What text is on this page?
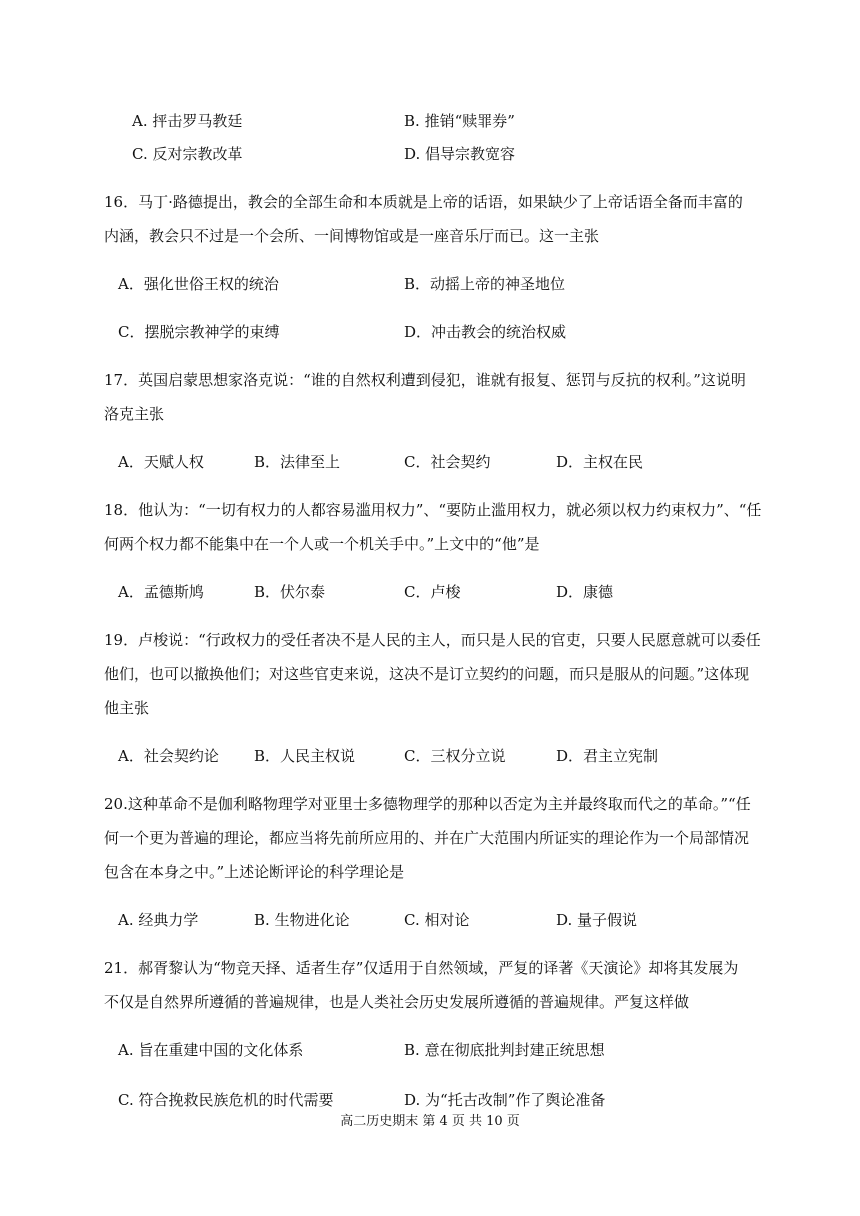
A. 抨击罗马教廷	B. 推销“赎罪券”
C. 反对宗教改革	D. 倡导宗教宽容
16．马丁·路德提出，教会的全部生命和本质就是上帝的话语，如果缺少了上帝话语全备而丰富的
内涵，教会只不过是一个会所、一间博物馆或是一座音乐厅而已。这一主张
A．强化世俗王权的统治	B．动摇上帝的神圣地位
C．摆脱宗教神学的束缚	D．冲击教会的统治权威
17．英国启蒙思想家洛克说：“谁的自然权利遭到侵犯，谁就有报复、惩罚与反抗的权利。”这说明
洛克主张
A．天赋人权	B．法律至上	C．社会契约	D．主权在民
18．他认为：“一切有权力的人都容易滥用权力”、“要防止滥用权力，就必须以权力约束权力”、“任
何两个权力都不能集中在一个人或一个机关手中。”上文中的“他”是
A．孟德斯鸠	B．伏尔泰	C．卢梭	D．康德
19．卢梭说：“行政权力的受任者决不是人民的主人，而只是人民的官吏，只要人民愿意就可以委任
他们，也可以撤换他们；对这些官吏来说，这决不是订立契约的问题，而只是服从的问题。”这体现
他主张
A．社会契约论 B．人民主权说	C．三权分立说	D．君主立宪制
20.这种革命不是伽利略物理学对亚里士多德物理学的那种以否定为主并最终取而代之的革命。”“任
何一个更为普遍的理论，都应当将先前所应用的、并在广大范围内所证实的理论作为一个局部情况
包含在本身之中。”上述论断评论的科学理论是
A. 经典力学	B. 生物进化论	C. 相对论	D. 量子假说
21．郝胥黎认为“物竞天择、适者生存”仅适用于自然领域，严复的译著《天演论》却将其发展为
不仅是自然界所遵循的普遍规律，也是人类社会历史发展所遵循的普遍规律。严复这样做
A. 旨在重建中国的文化体系	B. 意在彻底批判封建正统思想
C. 符合挽救民族危机的时代需要	D. 为“托古改制”作了舆论准备
高二历史期末 第 4 页 共 10 页
